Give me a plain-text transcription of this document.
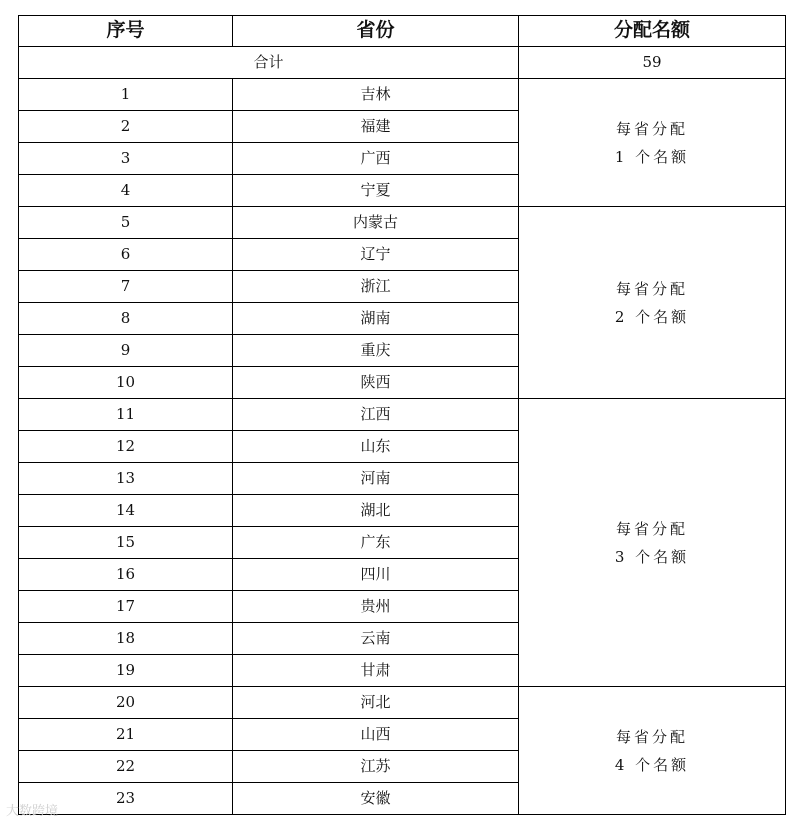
序号	省份	分配名额
合计		59
1	吉林	每省分配
1 个名额

2	福建	
3	广西	
4	宁夏	
5	内蒙古	每省分配
2 个名额

6	辽宁	
7	浙江	
8	湖南	
9	重庆	
10	陕西	
11	江西	每省分配
3 个名额

12	山东	
13	河南	
14	湖北	
15	广东	
16	四川	
17	贵州	
18	云南	
19	甘肃	
20	河北	每省分配
4 个名额

21	山西	
22	江苏	
23	安徽	
大数跨境
